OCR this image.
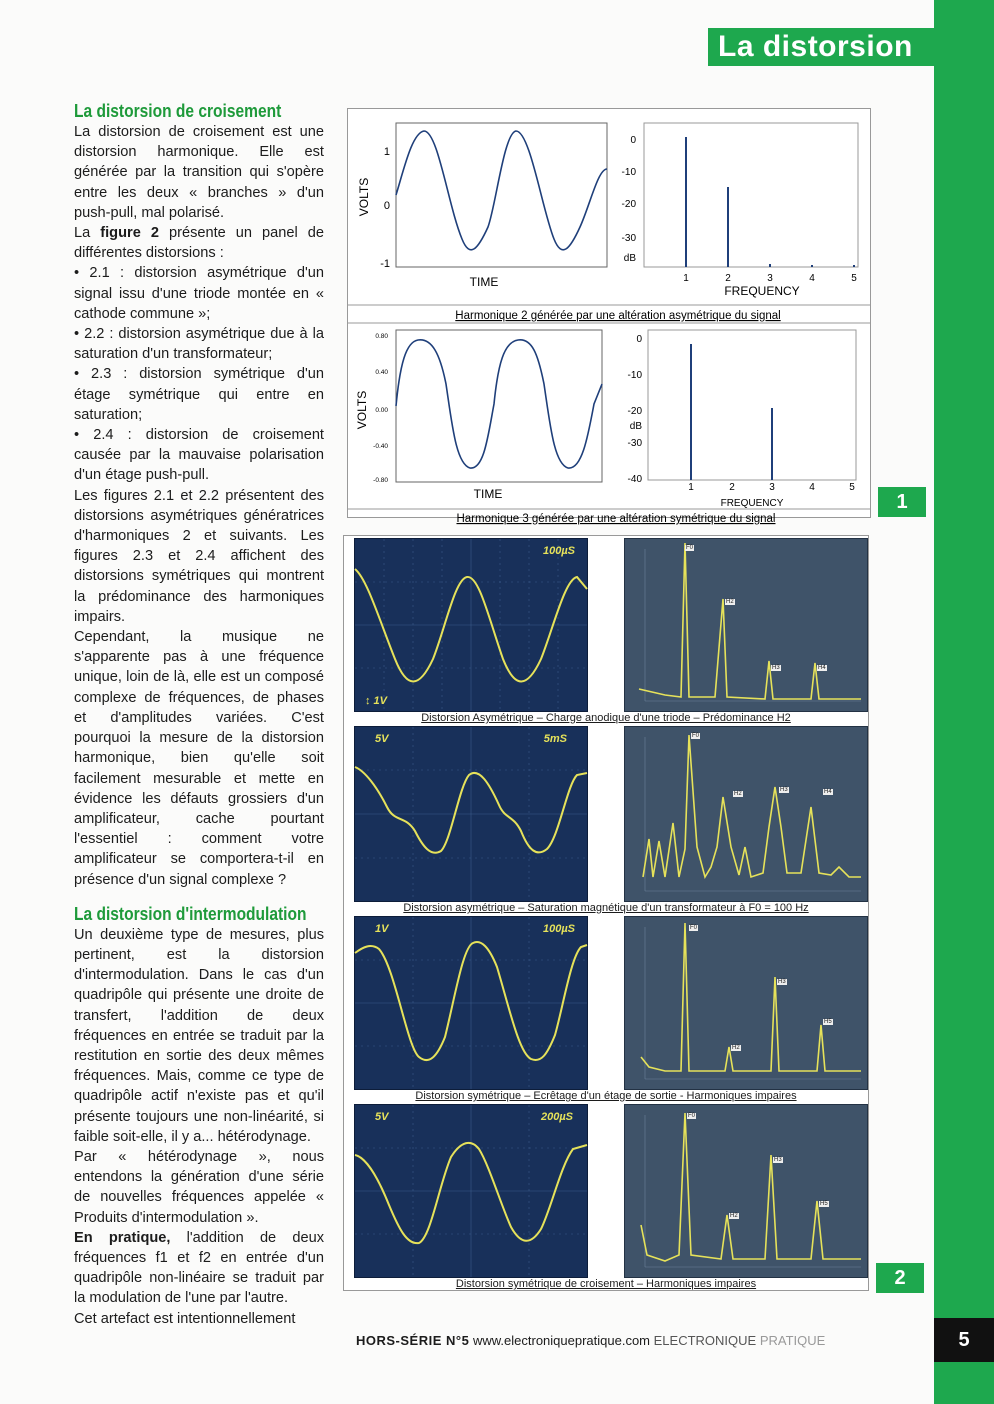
La distorsion
La distorsion de croisement

La distorsion de croisement est une distorsion harmonique. Elle est générée par la transition qui s'opère entre les deux « branches » d'un push-pull, mal polarisé.

La figure 2 présente un panel de différentes distorsions :

• 2.1 : distorsion asymétrique d'un signal issu d'une triode montée en « cathode commune »;

• 2.2 : distorsion asymétrique due à la saturation d'un transformateur;

• 2.3 : distorsion symétrique d'un étage symétrique qui entre en saturation;

• 2.4 : distorsion de croisement causée par la mauvaise polarisation d'un étage push-pull.

Les figures 2.1 et 2.2 présentent des distorsions asymétriques génératrices d'harmoniques 2 et suivants. Les figures 2.3 et 2.4 affichent des distorsions symétriques qui montrent la prédominance des harmoniques impairs.

Cependant, la musique ne s'apparente pas à une fréquence unique, loin de là, elle est un composé complexe de fréquences, de phases et d'amplitudes variées. C'est pourquoi la mesure de la distorsion harmonique, bien qu'elle soit facilement mesurable et mette en évidence les défauts grossiers d'un amplificateur, cache pourtant l'essentiel : comment votre amplificateur se comportera-t-il en présence d'un signal complexe ?

La distorsion d'intermodulation

Un deuxième type de mesures, plus pertinent, est la distorsion d'intermodulation. Dans le cas d'un quadripôle qui présente une droite de transfert, l'addition de deux fréquences en entrée se traduit par la restitution en sortie des deux mêmes fréquences. Mais, comme ce type de quadripôle actif n'existe pas et qu'il présente toujours une non-linéarité, si faible soit-elle, il y a... hétérodynage.

Par « hétérodynage », nous entendons la génération d'une série de nouvelles fréquences appelée « Produits d'intermodulation ».

En pratique, l'addition de deux fréquences f1 et f2 en entrée d'un quadripôle non-linéaire se traduit par la modulation de l'une par l'autre.

Cet artefact est intentionnellement

VOLTS
1
0
-1
TIME
0
-10
-20
-30
dB
1	2	3	4	5
FREQUENCY
Harmonique 2 générée par une altération asymétrique du signal
VOLTS
0.80
0.40
0.00
-0.40
-0.80
TIME
0
-10
-20
dB
-30
-40
1	2	3	4	5
FREQUENCY
Harmonique 3 générée par une altération symétrique du signal
1
100µS
↕ 1V
F0
H2
H3	H4
Distorsion Asymétrique – Charge anodique d'une triode – Prédominance H2
5V	5mS	F0
H2
H3	H4
Distorsion asymétrique – Saturation magnétique d'un transformateur à F0 = 100 Hz
1V	100µS	F0
H3
H5
H2
Distorsion symétrique – Ecrêtage d'un étage de sortie - Harmoniques impaires
5V	200µS	F0
H3
H2
H5
Distorsion symétrique de croisement – Harmoniques impaires	2
HORS-SÉRIE N°5 www.electroniquepratique.com ELECTRONIQUE PRATIQUE	5
